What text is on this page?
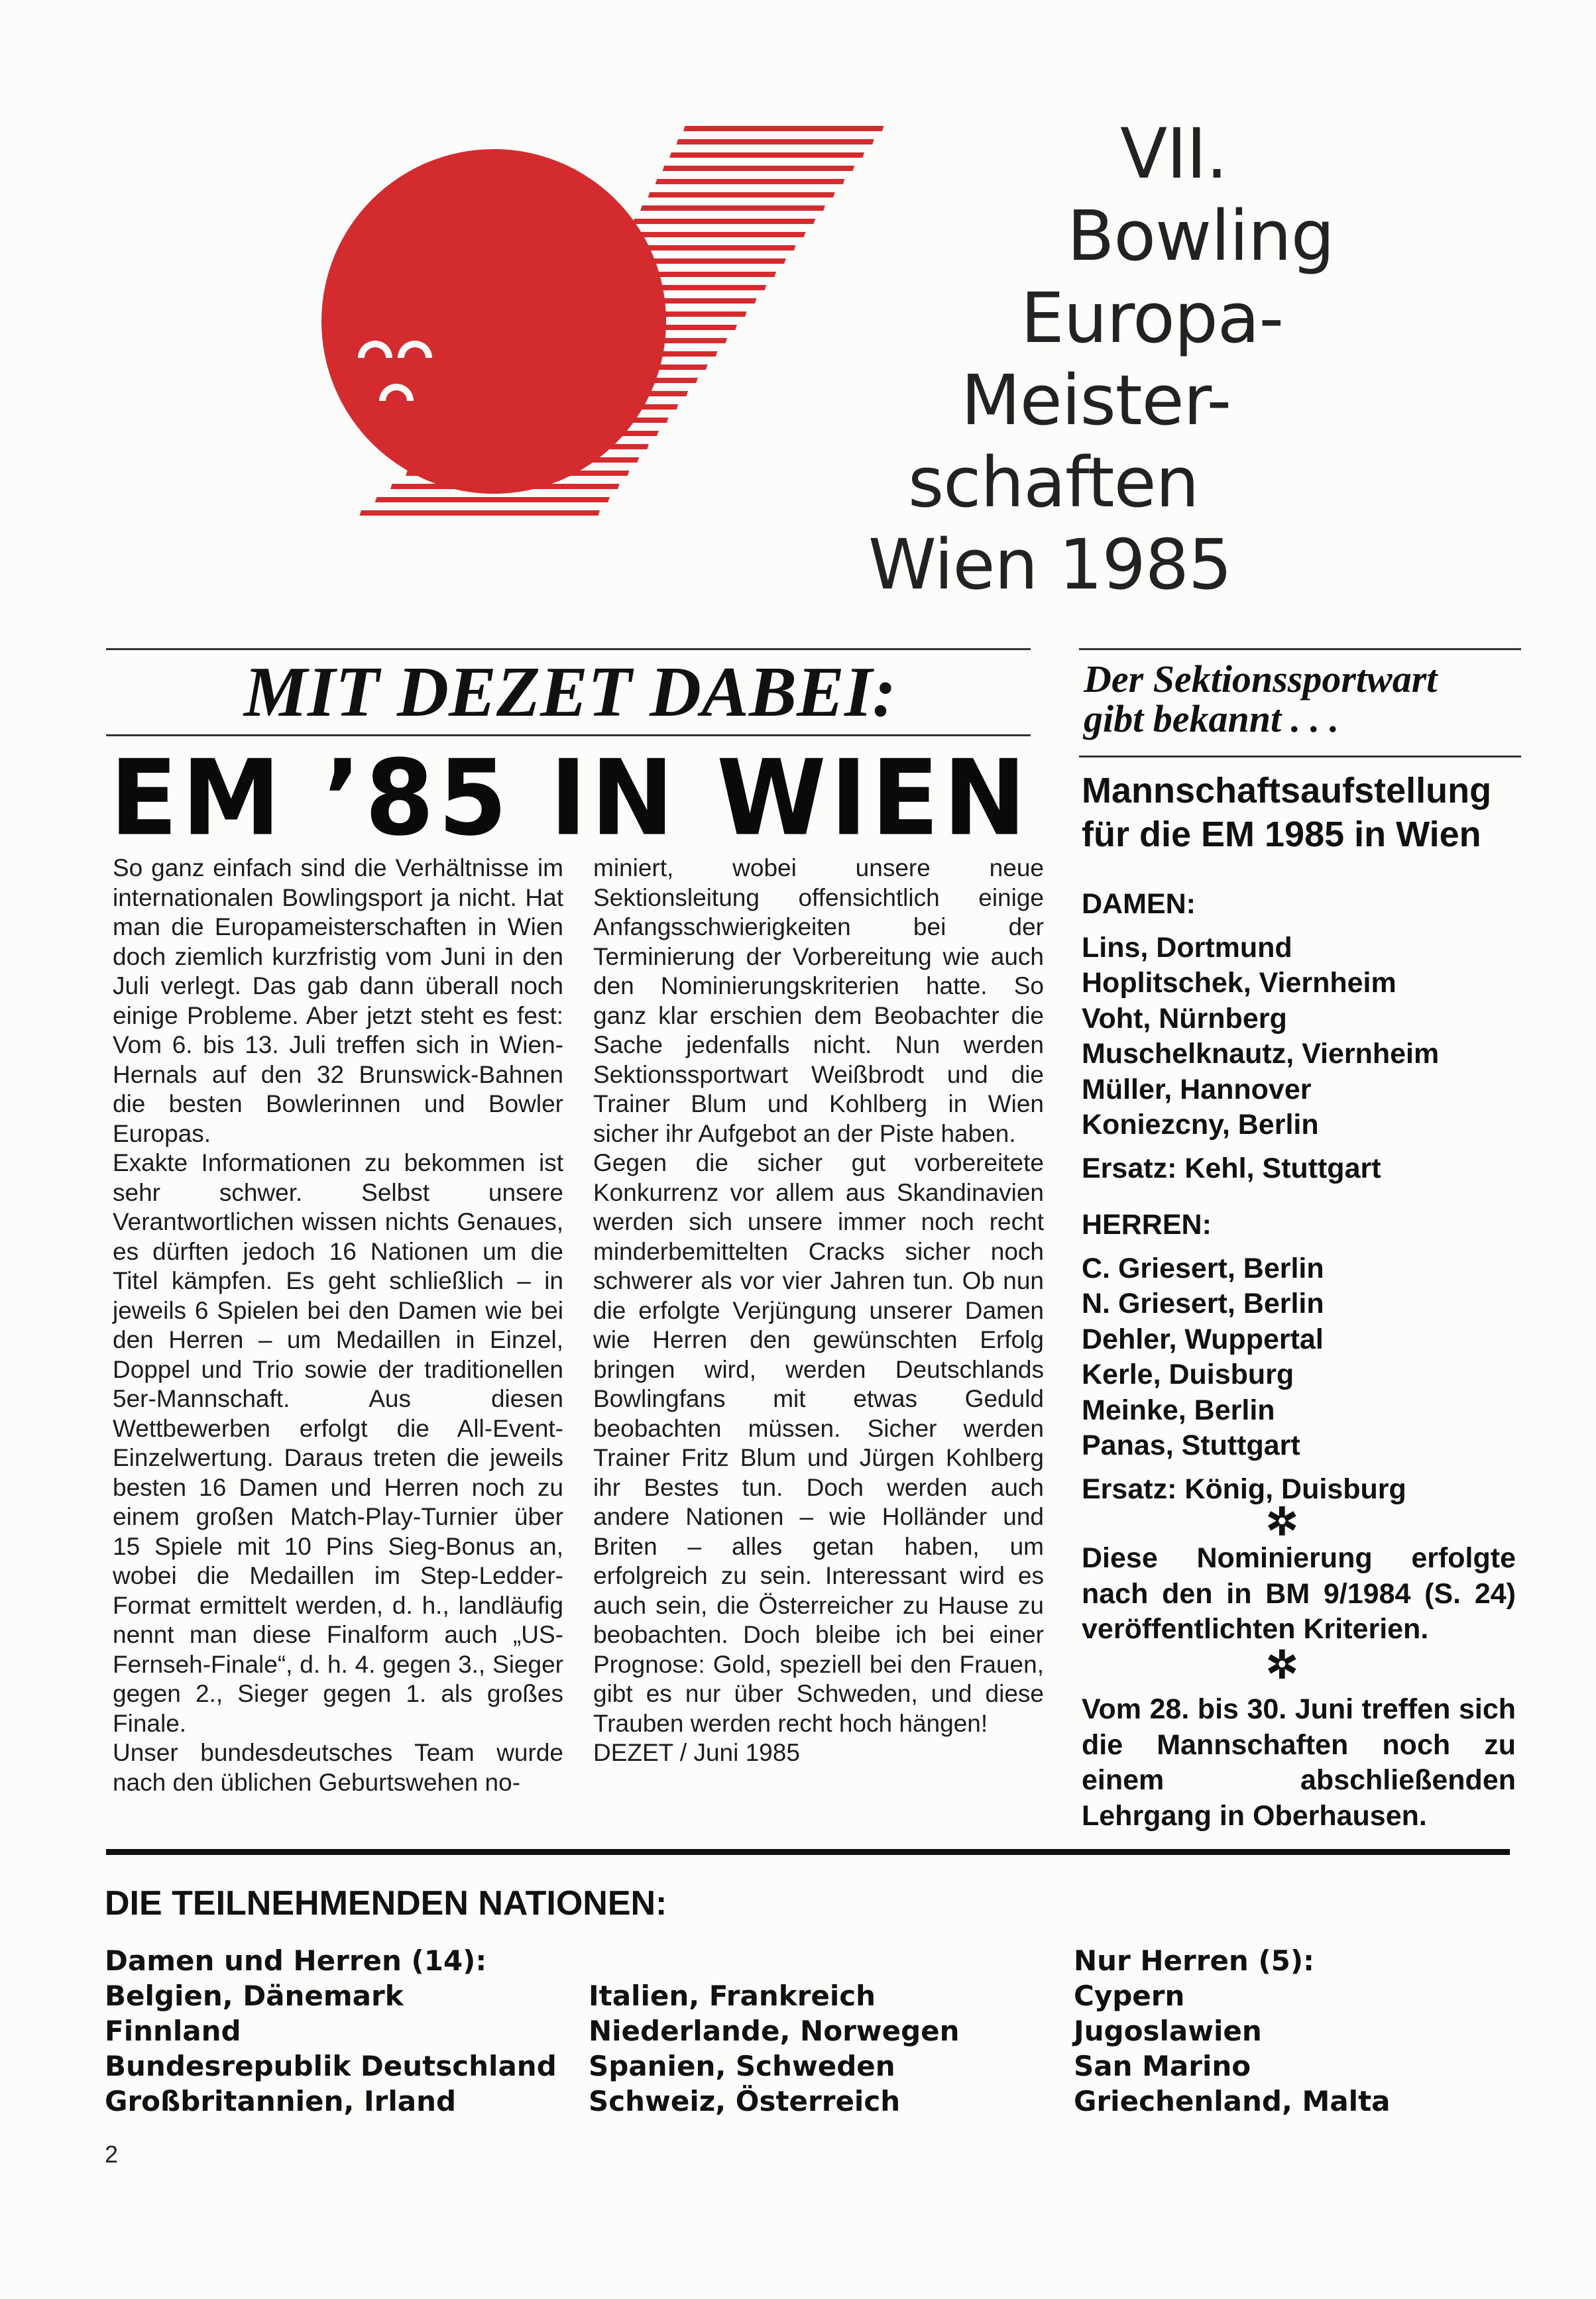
VII.
Bowling
Europa-
Meister-
schaften
Wien 1985
MIT DEZET DABEI:
EM ’85 IN WIEN

So ganz einfach sind die Verhältnisse im internationalen Bowlingsport ja nicht. Hat man die Europameisterschaften in Wien doch ziemlich kurzfristig vom Juni in den Juli verlegt. Das gab dann überall noch einige Probleme. Aber jetzt steht es fest: Vom 6. bis 13. Juli treffen sich in Wien-Hernals auf den 32 Brunswick-Bahnen die besten Bowlerinnen und Bowler Europas.

Exakte Informationen zu bekommen ist sehr schwer. Selbst unsere Verantwortlichen wissen nichts Genaues, es dürften jedoch 16 Nationen um die Titel kämpfen. Es geht schließlich – in jeweils 6 Spielen bei den Damen wie bei den Herren – um Medaillen in Einzel, Doppel und Trio sowie der traditionellen 5er-Mannschaft. Aus diesen Wettbewerben erfolgt die All-Event-Einzelwertung. Daraus treten die jeweils besten 16 Damen und Herren noch zu einem großen Match-Play-Turnier über 15 Spiele mit 10 Pins Sieg-Bonus an, wobei die Medaillen im Step-Ledder-Format ermittelt werden, d. h., landläufig nennt man diese Finalform auch „US-Fernseh-Finale“, d. h. 4. gegen 3., Sieger gegen 2., Sieger gegen 1. als großes Finale.

Unser bundesdeutsches Team wurde nach den üblichen Geburtswehen no-

miniert, wobei unsere neue Sektionsleitung offensichtlich einige Anfangsschwierigkeiten bei der Terminierung der Vorbereitung wie auch den Nominierungskriterien hatte. So ganz klar erschien dem Beobachter die Sache jedenfalls nicht. Nun werden Sektionssportwart Weißbrodt und die Trainer Blum und Kohlberg in Wien sicher ihr Aufgebot an der Piste haben.

Gegen die sicher gut vorbereitete Konkurrenz vor allem aus Skandinavien werden sich unsere immer noch recht minderbemittelten Cracks sicher noch schwerer als vor vier Jahren tun. Ob nun die erfolgte Verjüngung unserer Damen wie Herren den gewünschten Erfolg bringen wird, werden Deutschlands Bowlingfans mit etwas Geduld beobachten müssen. Sicher werden Trainer Fritz Blum und Jürgen Kohlberg ihr Bestes tun. Doch werden auch andere Nationen – wie Holländer und Briten – alles getan haben, um erfolgreich zu sein. Interessant wird es auch sein, die Österreicher zu Hause zu beobachten. Doch bleibe ich bei einer Prognose: Gold, speziell bei den Frauen, gibt es nur über Schweden, und diese Trauben werden recht hoch hängen!

DEZET / Juni 1985

Der Sektionssportwart
gibt bekannt . . .
Mannschaftsaufstellung
für die EM 1985 in Wien
DAMEN:
Lins, Dortmund
Hoplitschek, Viernheim
Voht, Nürnberg
Muschelknautz, Viernheim
Müller, Hannover
Koniezcny, Berlin
Ersatz: Kehl, Stuttgart
HERREN:
C. Griesert, Berlin
N. Griesert, Berlin
Dehler, Wuppertal
Kerle, Duisburg
Meinke, Berlin
Panas, Stuttgart
Ersatz: König, Duisburg
✲
Diese Nominierung erfolgte nach den in BM 9/1984 (S. 24) veröffentlichten Kriterien.
✲
Vom 28. bis 30. Juni treffen sich die Mannschaften noch zu einem abschließenden Lehrgang in Oberhausen.
DIE TEILNEHMENDEN NATIONEN:
Damen und Herren (14):
Belgien, Dänemark
Finnland
Bundesrepublik Deutschland
Großbritannien, Irland
Italien, Frankreich
Niederlande, Norwegen
Spanien, Schweden
Schweiz, Österreich
Nur Herren (5):
Cypern
Jugoslawien
San Marino
Griechenland, Malta
2
